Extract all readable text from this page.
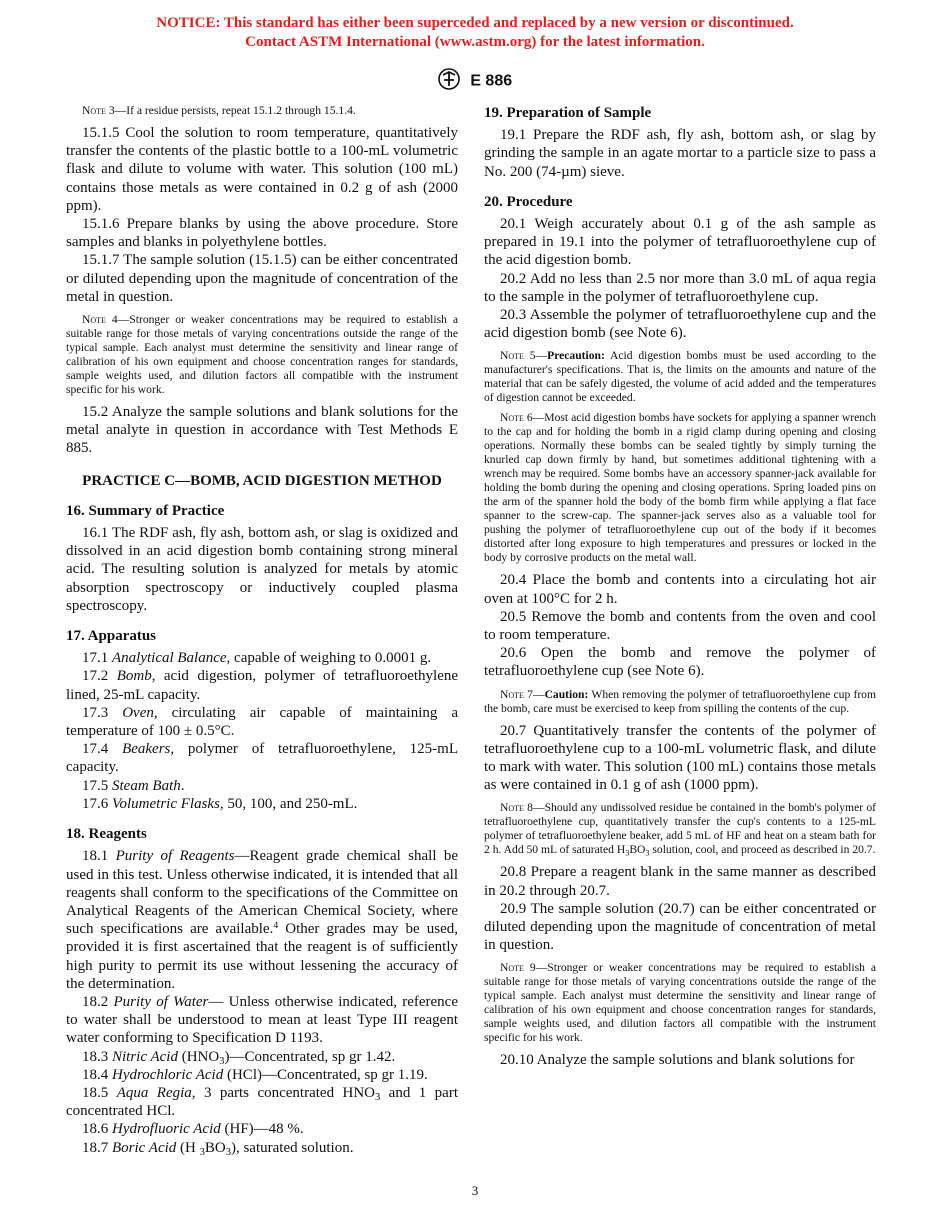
NOTICE: This standard has either been superceded and replaced by a new version or discontinued.
Contact ASTM International (www.astm.org) for the latest information.
E 886

Note 3—If a residue persists, repeat 15.1.2 through 15.1.4.

15.1.5 Cool the solution to room temperature, quantitatively transfer the contents of the plastic bottle to a 100-mL volumetric flask and dilute to volume with water. This solution (100 mL) contains those metals as were contained in 0.2 g of ash (2000 ppm).

15.1.6 Prepare blanks by using the above procedure. Store samples and blanks in polyethylene bottles.

15.1.7 The sample solution (15.1.5) can be either concentrated or diluted depending upon the magnitude of concentration of the metal in question.

Note 4—Stronger or weaker concentrations may be required to establish a suitable range for those metals of varying concentrations outside the range of the typical sample. Each analyst must determine the sensitivity and linear range of calibration of his own equipment and choose concentration ranges for standards, sample weights used, and dilution factors all compatible with the instrument specific for his work.

15.2 Analyze the sample solutions and blank solutions for the metal analyte in question in accordance with Test Methods E 885.

PRACTICE C—BOMB, ACID DIGESTION METHOD

16. Summary of Practice

16.1 The RDF ash, fly ash, bottom ash, or slag is oxidized and dissolved in an acid digestion bomb containing strong mineral acid. The resulting solution is analyzed for metals by atomic absorption spectroscopy or inductively coupled plasma spectroscopy.

17. Apparatus

17.1 Analytical Balance, capable of weighing to 0.0001 g.

17.2 Bomb, acid digestion, polymer of tetrafluoroethylene lined, 25-mL capacity.

17.3 Oven, circulating air capable of maintaining a temperature of 100 ± 0.5°C.

17.4 Beakers, polymer of tetrafluoroethylene, 125-mL capacity.

17.5 Steam Bath.

17.6 Volumetric Flasks, 50, 100, and 250-mL.

18. Reagents

18.1 Purity of Reagents—Reagent grade chemical shall be used in this test. Unless otherwise indicated, it is intended that all reagents shall conform to the specifications of the Committee on Analytical Reagents of the American Chemical Society, where such specifications are available.$^4$ Other grades may be used, provided it is first ascertained that the reagent is of sufficiently high purity to permit its use without lessening the accuracy of the determination.

18.2 Purity of Water— Unless otherwise indicated, reference to water shall be understood to mean at least Type III reagent water conforming to Specification D 1193.

18.3 Nitric Acid $(HNO_3)—Concentrated$, sp gr 1.42.

18.4 Hydrochloric Acid (HCl)—Concentrated, sp gr 1.19.

18.5 Aqua Regia, 3 parts concentrated $HNO_3$ and 1 part concentrated HCl.

18.6 Hydrofluoric Acid (HF)—48 %.

18.7 Boric Acid (H $_3BO_3$), saturated solution.

19. Preparation of Sample

19.1 Prepare the RDF ash, fly ash, bottom ash, or slag by grinding the sample in an agate mortar to a particle size to pass a No. 200 (74-µm) sieve.

20. Procedure

20.1 Weigh accurately about 0.1 g of the ash sample as prepared in 19.1 into the polymer of tetrafluoroethylene cup of the acid digestion bomb.

20.2 Add no less than 2.5 nor more than 3.0 mL of aqua regia to the sample in the polymer of tetrafluoroethylene cup.

20.3 Assemble the polymer of tetrafluoroethylene cup and the acid digestion bomb (see Note 6).

Note 5—Precaution: Acid digestion bombs must be used according to the manufacturer's specifications. That is, the limits on the amounts and nature of the material that can be safely digested, the volume of acid added and the temperatures of digestion cannot be exceeded.

Note 6—Most acid digestion bombs have sockets for applying a spanner wrench to the cap and for holding the bomb in a rigid clamp during opening and closing operations. Normally these bombs can be sealed tightly by simply turning the knurled cap down firmly by hand, but sometimes additional tightening with a wrench may be required. Some bombs have an accessory spanner-jack available for holding the bomb during the opening and closing operations. Spring loaded pins on the arm of the spanner hold the body of the bomb firm while applying a flat face spanner to the screw-cap. The spanner-jack serves also as a valuable tool for pushing the polymer of tetrafluoroethylene cup out of the body if it becomes distorted after long exposure to high temperatures and pressures or locked in the body by corrosive products on the metal wall.

20.4 Place the bomb and contents into a circulating hot air oven at 100°C for 2 h.

20.5 Remove the bomb and contents from the oven and cool to room temperature.

20.6 Open the bomb and remove the polymer of tetrafluoroethylene cup (see Note 6).

Note 7—Caution: When removing the polymer of tetrafluoroethylene cup from the bomb, care must be exercised to keep from spilling the contents of the cup.

20.7 Quantitatively transfer the contents of the polymer of tetrafluoroethylene cup to a 100-mL volumetric flask, and dilute to mark with water. This solution (100 mL) contains those metals as were contained in 0.1 g of ash (1000 ppm).

Note 8—Should any undissolved residue be contained in the bomb's polymer of tetrafluoroethylene cup, quantitatively transfer the cup's contents to a 125-mL polymer of tetrafluoroethylene beaker, add 5 mL of HF and heat on a steam bath for 2 h. Add 50 mL of saturated $H_3BO_3$ solution, cool, and proceed as described in 20.7.

20.8 Prepare a reagent blank in the same manner as described in 20.2 through 20.7.

20.9 The sample solution (20.7) can be either concentrated or diluted depending upon the magnitude of concentration of metal in question.

Note 9—Stronger or weaker concentrations may be required to establish a suitable range for those metals of varying concentrations outside the range of the typical sample. Each analyst must determine the sensitivity and linear range of calibration of his own equipment and choose concentration ranges for standards, sample weights used, and dilution factors all compatible with the instrument specific for his work.

20.10 Analyze the sample solutions and blank solutions for

3
